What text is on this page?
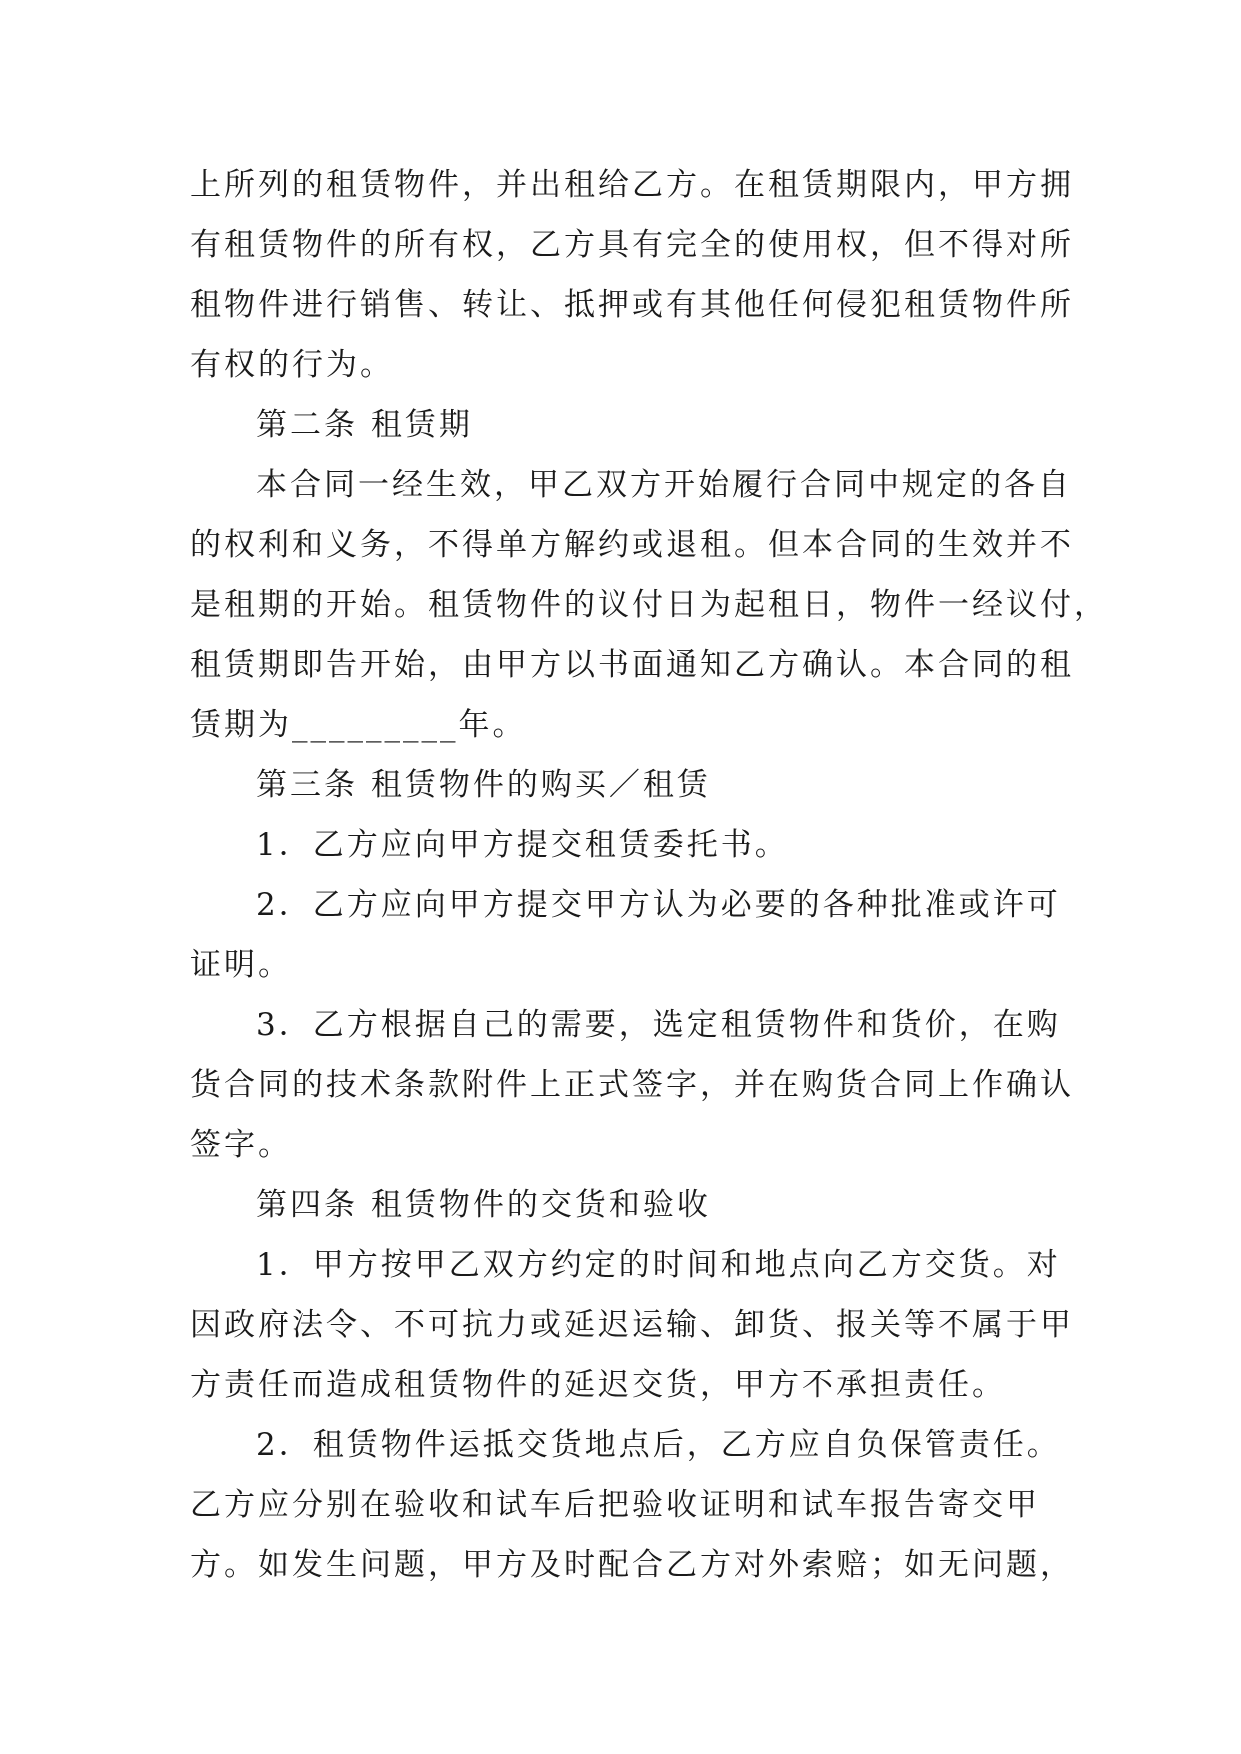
上所列的租赁物件，并出租给乙方。在租赁期限内，甲方拥
有租赁物件的所有权，乙方具有完全的使用权，但不得对所
租物件进行销售、转让、抵押或有其他任何侵犯租赁物件所
有权的行为。
第二条 租赁期
本合同一经生效，甲乙双方开始履行合同中规定的各自
的权利和义务，不得单方解约或退租。但本合同的生效并不
是租期的开始。租赁物件的议付日为起租日，物件一经议付，
租赁期即告开始，由甲方以书面通知乙方确认。本合同的租
赁期为_________年。
第三条 租赁物件的购买／租赁
1．乙方应向甲方提交租赁委托书。
2．乙方应向甲方提交甲方认为必要的各种批准或许可
证明。
3．乙方根据自己的需要，选定租赁物件和货价，在购
货合同的技术条款附件上正式签字，并在购货合同上作确认
签字。
第四条 租赁物件的交货和验收
1．甲方按甲乙双方约定的时间和地点向乙方交货。对
因政府法令、不可抗力或延迟运输、卸货、报关等不属于甲
方责任而造成租赁物件的延迟交货，甲方不承担责任。
2．租赁物件运抵交货地点后，乙方应自负保管责任。
乙方应分别在验收和试车后把验收证明和试车报告寄交甲
方。如发生问题，甲方及时配合乙方对外索赔；如无问题，
